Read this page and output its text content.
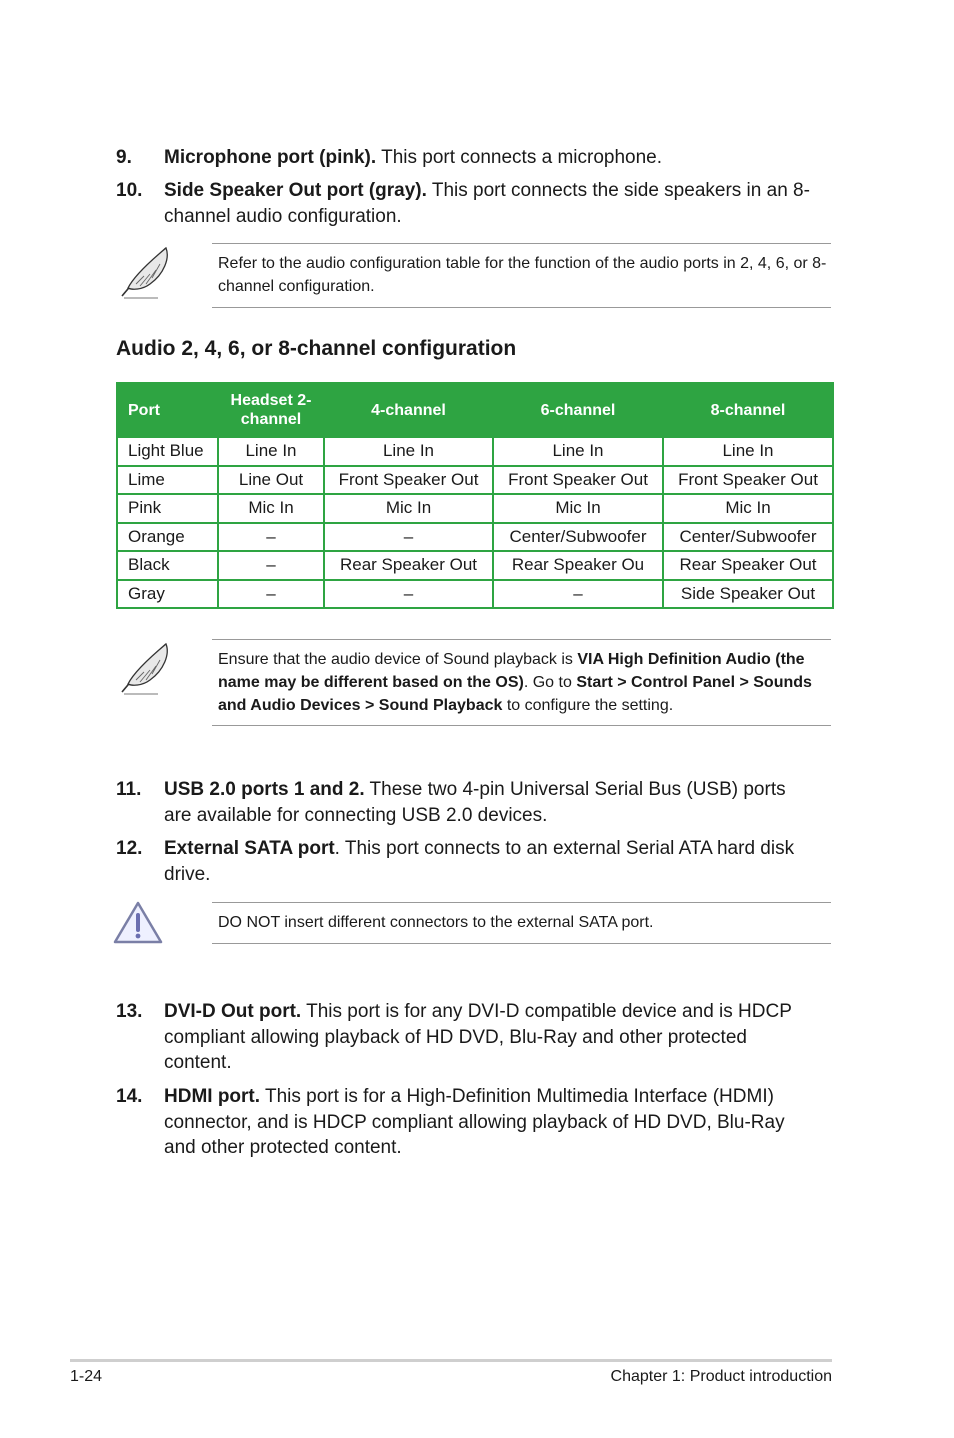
9. Microphone port (pink). This port connects a microphone.
10. Side Speaker Out port (gray). This port connects the side speakers in an 8-channel audio configuration.
Refer to the audio configuration table for the function of the audio ports in 2, 4, 6, or 8-channel configuration.
Audio 2, 4, 6, or 8-channel configuration
Port	Headset 2-channel	4-channel	6-channel	8-channel
Light Blue	Line In	Line In	Line In	Line In
Lime	Line Out	Front Speaker Out	Front Speaker Out	Front Speaker Out
Pink	Mic In	Mic In	Mic In	Mic In
Orange	–	–	Center/Subwoofer	Center/Subwoofer
Black	–	Rear Speaker Out	Rear Speaker Ou	Rear Speaker Out
Gray	–	–	–	Side Speaker Out
Ensure that the audio device of Sound playback is VIA High Definition Audio (the name may be different based on the OS). Go to Start > Control Panel > Sounds and Audio Devices > Sound Playback to configure the setting.
11. USB 2.0 ports 1 and 2. These two 4-pin Universal Serial Bus (USB) ports are available for connecting USB 2.0 devices.
12. External SATA port. This port connects to an external Serial ATA hard disk drive.
DO NOT insert different connectors to the external SATA port.
13. DVI-D Out port. This port is for any DVI-D compatible device and is HDCP compliant allowing playback of HD DVD, Blu-Ray and other protected content.
14. HDMI port. This port is for a High-Definition Multimedia Interface (HDMI) connector, and is HDCP compliant allowing playback of HD DVD, Blu-Ray and other protected content.
1-24	Chapter 1: Product introduction
